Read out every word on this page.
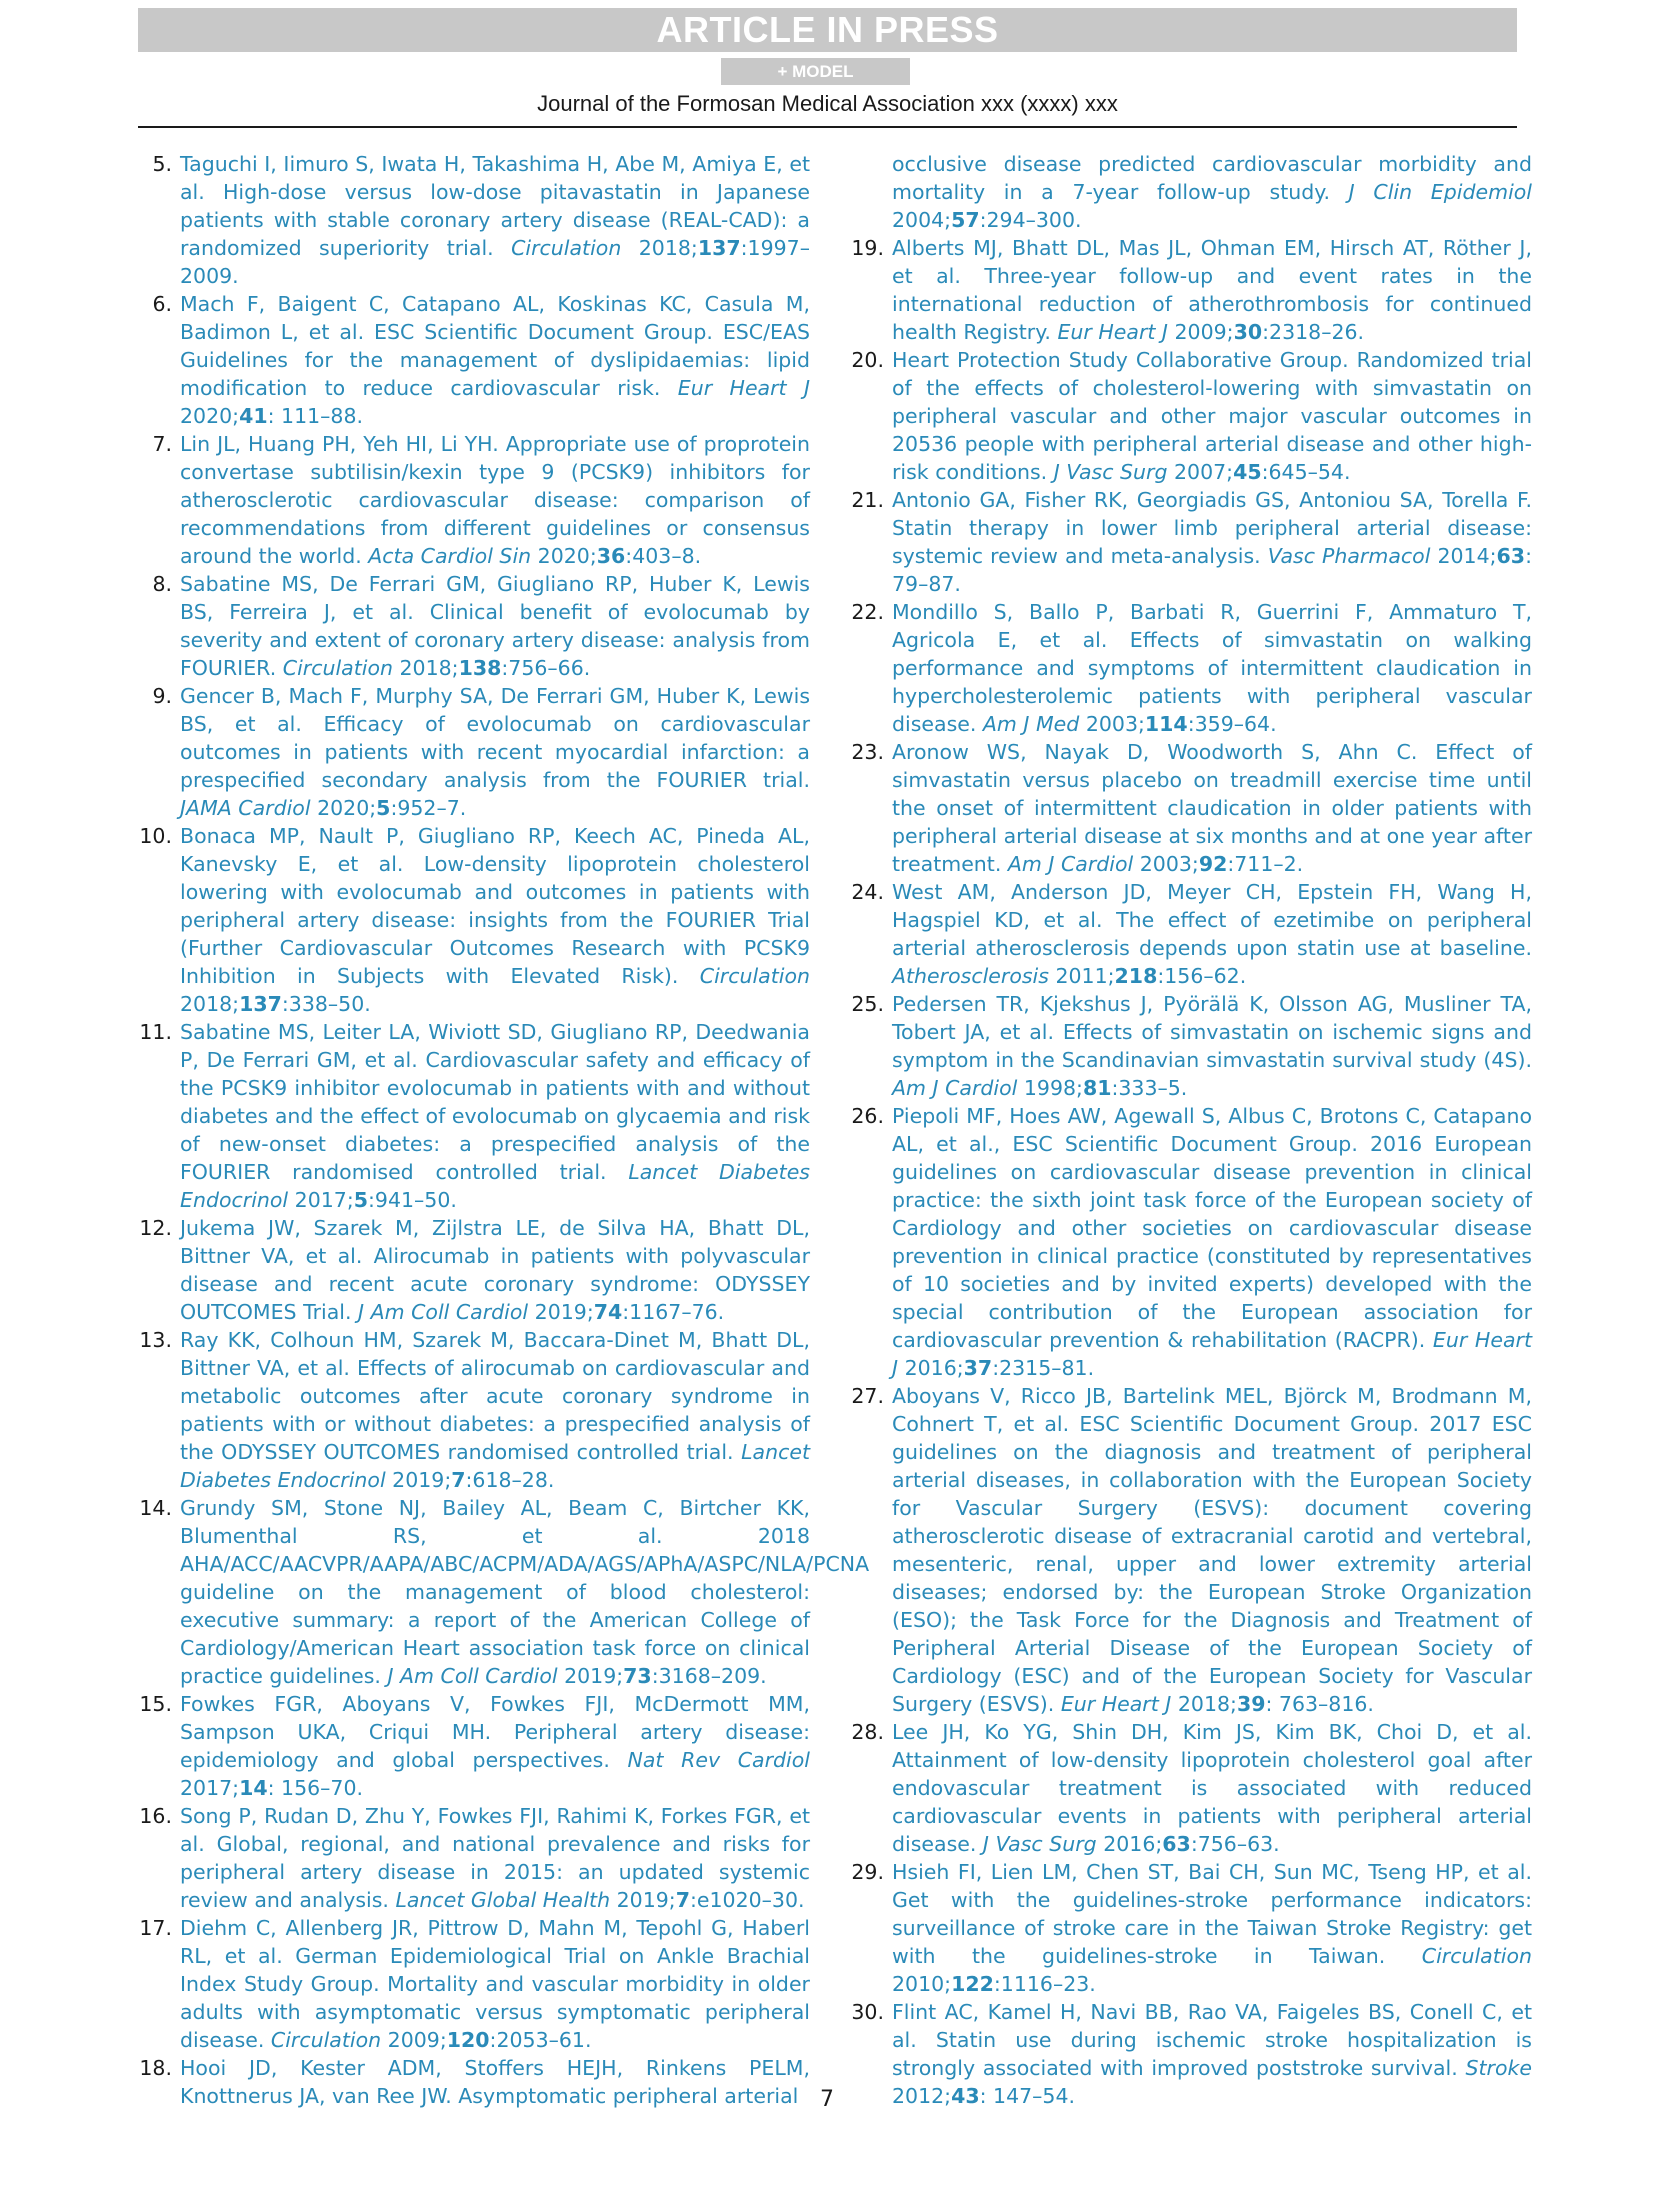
ARTICLE IN PRESS
+ MODEL
Journal of the Formosan Medical Association xxx (xxxx) xxx

5. Taguchi I, Iimuro S, Iwata H, Takashima H, Abe M, Amiya E, et al. High-dose versus low-dose pitavastatin in Japanese patients with stable coronary artery disease (REAL-CAD): a randomized superiority trial. Circulation 2018;137:1997–2009.

6. Mach F, Baigent C, Catapano AL, Koskinas KC, Casula M, Badimon L, et al. ESC Scientific Document Group. ESC/EAS Guidelines for the management of dyslipidaemias: lipid modification to reduce cardiovascular risk. Eur Heart J 2020;41: 111–88.

7. Lin JL, Huang PH, Yeh HI, Li YH. Appropriate use of proprotein convertase subtilisin/kexin type 9 (PCSK9) inhibitors for atherosclerotic cardiovascular disease: comparison of recommendations from different guidelines or consensus around the world. Acta Cardiol Sin 2020;36:403–8.

8. Sabatine MS, De Ferrari GM, Giugliano RP, Huber K, Lewis BS, Ferreira J, et al. Clinical benefit of evolocumab by severity and extent of coronary artery disease: analysis from FOURIER. Circulation 2018;138:756–66.

9. Gencer B, Mach F, Murphy SA, De Ferrari GM, Huber K, Lewis BS, et al. Efficacy of evolocumab on cardiovascular outcomes in patients with recent myocardial infarction: a prespecified secondary analysis from the FOURIER trial. JAMA Cardiol 2020;5:952–7.

10. Bonaca MP, Nault P, Giugliano RP, Keech AC, Pineda AL, Kanevsky E, et al. Low-density lipoprotein cholesterol lowering with evolocumab and outcomes in patients with peripheral artery disease: insights from the FOURIER Trial (Further Cardiovascular Outcomes Research with PCSK9 Inhibition in Subjects with Elevated Risk). Circulation 2018;137:338–50.

11. Sabatine MS, Leiter LA, Wiviott SD, Giugliano RP, Deedwania P, De Ferrari GM, et al. Cardiovascular safety and efficacy of the PCSK9 inhibitor evolocumab in patients with and without diabetes and the effect of evolocumab on glycaemia and risk of new-onset diabetes: a prespecified analysis of the FOURIER randomised controlled trial. Lancet Diabetes Endocrinol 2017;5:941–50.

12. Jukema JW, Szarek M, Zijlstra LE, de Silva HA, Bhatt DL, Bittner VA, et al. Alirocumab in patients with polyvascular disease and recent acute coronary syndrome: ODYSSEY OUTCOMES Trial. J Am Coll Cardiol 2019;74:1167–76.

13. Ray KK, Colhoun HM, Szarek M, Baccara-Dinet M, Bhatt DL, Bittner VA, et al. Effects of alirocumab on cardiovascular and metabolic outcomes after acute coronary syndrome in patients with or without diabetes: a prespecified analysis of the ODYSSEY OUTCOMES randomised controlled trial. Lancet Diabetes Endocrinol 2019;7:618–28.

14. Grundy SM, Stone NJ, Bailey AL, Beam C, Birtcher KK, Blumenthal RS, et al. 2018 AHA/ACC/AACVPR/AAPA/ABC/ACPM/ADA/AGS/APhA/ASPC/NLA/PCNA guideline on the management of blood cholesterol: executive summary: a report of the American College of Cardiology/American Heart association task force on clinical practice guidelines. J Am Coll Cardiol 2019;73:3168–209.

15. Fowkes FGR, Aboyans V, Fowkes FJI, McDermott MM, Sampson UKA, Criqui MH. Peripheral artery disease: epidemiology and global perspectives. Nat Rev Cardiol 2017;14: 156–70.

16. Song P, Rudan D, Zhu Y, Fowkes FJI, Rahimi K, Forkes FGR, et al. Global, regional, and national prevalence and risks for peripheral artery disease in 2015: an updated systemic review and analysis. Lancet Global Health 2019;7:e1020–30.

17. Diehm C, Allenberg JR, Pittrow D, Mahn M, Tepohl G, Haberl RL, et al. German Epidemiological Trial on Ankle Brachial Index Study Group. Mortality and vascular morbidity in older adults with asymptomatic versus symptomatic peripheral disease. Circulation 2009;120:2053–61.

18. Hooi JD, Kester ADM, Stoffers HEJH, Rinkens PELM, Knottnerus JA, van Ree JW. Asymptomatic peripheral arterial

occlusive disease predicted cardiovascular morbidity and mortality in a 7-year follow-up study. J Clin Epidemiol 2004;57:294–300.

19. Alberts MJ, Bhatt DL, Mas JL, Ohman EM, Hirsch AT, Röther J, et al. Three-year follow-up and event rates in the international reduction of atherothrombosis for continued health Registry. Eur Heart J 2009;30:2318–26.

20. Heart Protection Study Collaborative Group. Randomized trial of the effects of cholesterol-lowering with simvastatin on peripheral vascular and other major vascular outcomes in 20536 people with peripheral arterial disease and other high-risk conditions. J Vasc Surg 2007;45:645–54.

21. Antonio GA, Fisher RK, Georgiadis GS, Antoniou SA, Torella F. Statin therapy in lower limb peripheral arterial disease: systemic review and meta-analysis. Vasc Pharmacol 2014;63: 79–87.

22. Mondillo S, Ballo P, Barbati R, Guerrini F, Ammaturo T, Agricola E, et al. Effects of simvastatin on walking performance and symptoms of intermittent claudication in hypercholesterolemic patients with peripheral vascular disease. Am J Med 2003;114:359–64.

23. Aronow WS, Nayak D, Woodworth S, Ahn C. Effect of simvastatin versus placebo on treadmill exercise time until the onset of intermittent claudication in older patients with peripheral arterial disease at six months and at one year after treatment. Am J Cardiol 2003;92:711–2.

24. West AM, Anderson JD, Meyer CH, Epstein FH, Wang H, Hagspiel KD, et al. The effect of ezetimibe on peripheral arterial atherosclerosis depends upon statin use at baseline. Atherosclerosis 2011;218:156–62.

25. Pedersen TR, Kjekshus J, Pyörälä K, Olsson AG, Musliner TA, Tobert JA, et al. Effects of simvastatin on ischemic signs and symptom in the Scandinavian simvastatin survival study (4S). Am J Cardiol 1998;81:333–5.

26. Piepoli MF, Hoes AW, Agewall S, Albus C, Brotons C, Catapano AL, et al., ESC Scientific Document Group. 2016 European guidelines on cardiovascular disease prevention in clinical practice: the sixth joint task force of the European society of Cardiology and other societies on cardiovascular disease prevention in clinical practice (constituted by representatives of 10 societies and by invited experts) developed with the special contribution of the European association for cardiovascular prevention & rehabilitation (RACPR). Eur Heart J 2016;37:2315–81.

27. Aboyans V, Ricco JB, Bartelink MEL, Björck M, Brodmann M, Cohnert T, et al. ESC Scientific Document Group. 2017 ESC guidelines on the diagnosis and treatment of peripheral arterial diseases, in collaboration with the European Society for Vascular Surgery (ESVS): document covering atherosclerotic disease of extracranial carotid and vertebral, mesenteric, renal, upper and lower extremity arterial diseases; endorsed by: the European Stroke Organization (ESO); the Task Force for the Diagnosis and Treatment of Peripheral Arterial Disease of the European Society of Cardiology (ESC) and of the European Society for Vascular Surgery (ESVS). Eur Heart J 2018;39: 763–816.

28. Lee JH, Ko YG, Shin DH, Kim JS, Kim BK, Choi D, et al. Attainment of low-density lipoprotein cholesterol goal after endovascular treatment is associated with reduced cardiovascular events in patients with peripheral arterial disease. J Vasc Surg 2016;63:756–63.

29. Hsieh FI, Lien LM, Chen ST, Bai CH, Sun MC, Tseng HP, et al. Get with the guidelines-stroke performance indicators: surveillance of stroke care in the Taiwan Stroke Registry: get with the guidelines-stroke in Taiwan. Circulation 2010;122:1116–23.

30. Flint AC, Kamel H, Navi BB, Rao VA, Faigeles BS, Conell C, et al. Statin use during ischemic stroke hospitalization is strongly associated with improved poststroke survival. Stroke 2012;43: 147–54.

7
